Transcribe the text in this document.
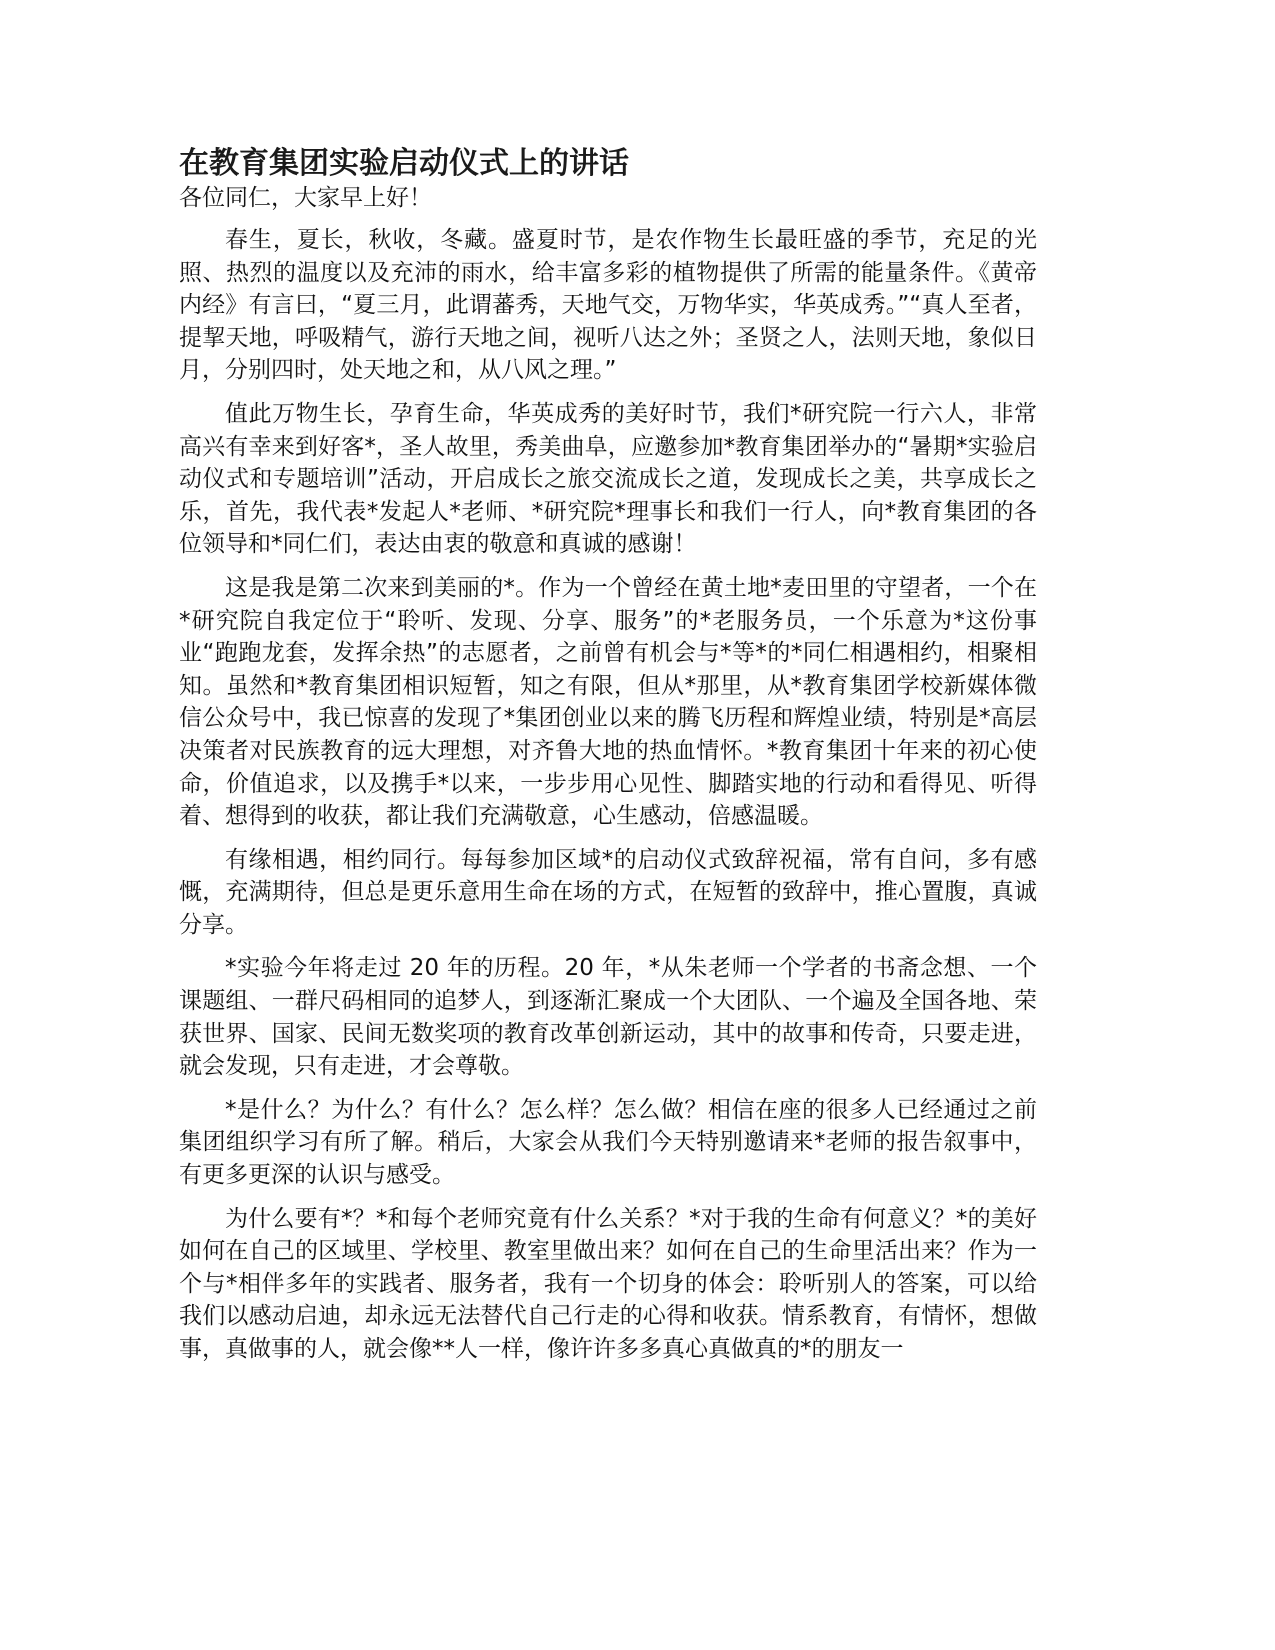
在教育集团实验启动仪式上的讲话

各位同仁，大家早上好！

春生，夏长，秋收，冬藏。盛夏时节，是农作物生长最旺盛的季节，充足的光照、热烈的温度以及充沛的雨水，给丰富多彩的植物提供了所需的能量条件。《黄帝内经》有言曰，“夏三月，此谓蕃秀，天地气交，万物华实，华英成秀。”“真人至者，提挈天地，呼吸精气，游行天地之间，视听八达之外；圣贤之人，法则天地，象似日月，分别四时，处天地之和，从八风之理。”

值此万物生长，孕育生命，华英成秀的美好时节，我们*研究院一行六人，非常高兴有幸来到好客*，圣人故里，秀美曲阜，应邀参加*教育集团举办的“暑期*实验启动仪式和专题培训”活动，开启成长之旅交流成长之道，发现成长之美，共享成长之乐，首先，我代表*发起人*老师、*研究院*理事长和我们一行人，向*教育集团的各位领导和*同仁们，表达由衷的敬意和真诚的感谢！

这是我是第二次来到美丽的*。作为一个曾经在黄土地*麦田里的守望者，一个在*研究院自我定位于“聆听、发现、分享、服务”的*老服务员，一个乐意为*这份事业“跑跑龙套，发挥余热”的志愿者，之前曾有机会与*等*的*同仁相遇相约，相聚相知。虽然和*教育集团相识短暂，知之有限，但从*那里，从*教育集团学校新媒体微信公众号中，我已惊喜的发现了*集团创业以来的腾飞历程和辉煌业绩，特别是*高层决策者对民族教育的远大理想，对齐鲁大地的热血情怀。*教育集团十年来的初心使命，价值追求，以及携手*以来，一步步用心见性、脚踏实地的行动和看得见、听得着、想得到的收获，都让我们充满敬意，心生感动，倍感温暖。

有缘相遇，相约同行。每每参加区域*的启动仪式致辞祝福，常有自问，多有感慨，充满期待，但总是更乐意用生命在场的方式，在短暂的致辞中，推心置腹，真诚分享。

*实验今年将走过 20 年的历程。20 年，*从朱老师一个学者的书斋念想、一个课题组、一群尺码相同的追梦人，到逐渐汇聚成一个大团队、一个遍及全国各地、荣获世界、国家、民间无数奖项的教育改革创新运动，其中的故事和传奇，只要走进，就会发现，只有走进，才会尊敬。

*是什么？为什么？有什么？怎么样？怎么做？相信在座的很多人已经通过之前集团组织学习有所了解。稍后，大家会从我们今天特别邀请来*老师的报告叙事中，有更多更深的认识与感受。

为什么要有*？*和每个老师究竟有什么关系？*对于我的生命有何意义？*的美好如何在自己的区域里、学校里、教室里做出来？如何在自己的生命里活出来？作为一个与*相伴多年的实践者、服务者，我有一个切身的体会：聆听别人的答案，可以给我们以感动启迪，却永远无法替代自己行走的心得和收获。情系教育，有情怀，想做事，真做事的人，就会像**人一样，像许许多多真心真做真的*的朋友一
